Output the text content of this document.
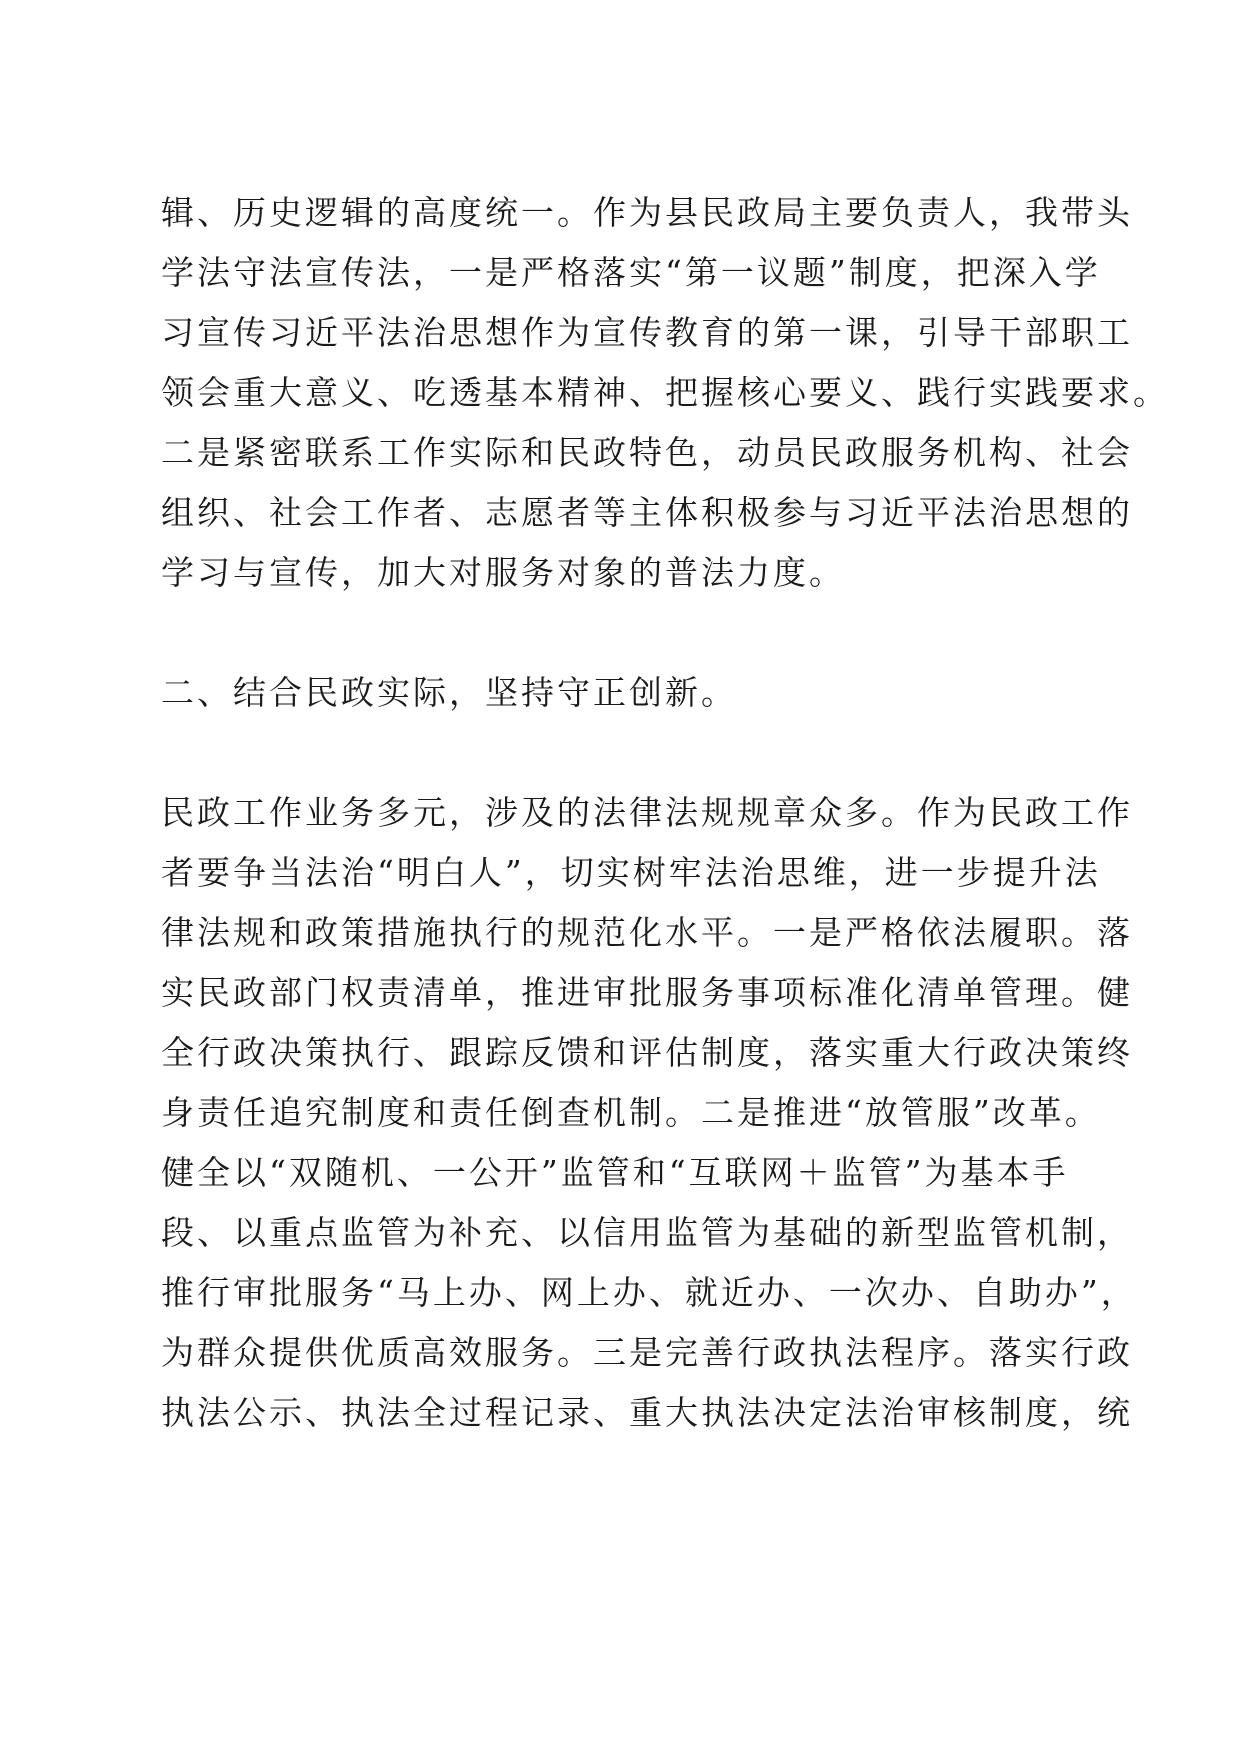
辑、历史逻辑的高度统一。作为县民政局主要负责人，我带头
学法守法宣传法，一是严格落实“第一议题”制度，把深入学
习宣传习近平法治思想作为宣传教育的第一课，引导干部职工
领会重大意义、吃透基本精神、把握核心要义、践行实践要求。
二是紧密联系工作实际和民政特色，动员民政服务机构、社会
组织、社会工作者、志愿者等主体积极参与习近平法治思想的
学习与宣传，加大对服务对象的普法力度。
二、结合民政实际，坚持守正创新。
民政工作业务多元，涉及的法律法规规章众多。作为民政工作
者要争当法治“明白人”，切实树牢法治思维，进一步提升法
律法规和政策措施执行的规范化水平。一是严格依法履职。落
实民政部门权责清单，推进审批服务事项标准化清单管理。健
全行政决策执行、跟踪反馈和评估制度，落实重大行政决策终
身责任追究制度和责任倒查机制。二是推进“放管服”改革。
健全以“双随机、一公开”监管和“互联网＋监管”为基本手
段、以重点监管为补充、以信用监管为基础的新型监管机制，
推行审批服务“马上办、网上办、就近办、一次办、自助办”，
为群众提供优质高效服务。三是完善行政执法程序。落实行政
执法公示、执法全过程记录、重大执法决定法治审核制度，统
